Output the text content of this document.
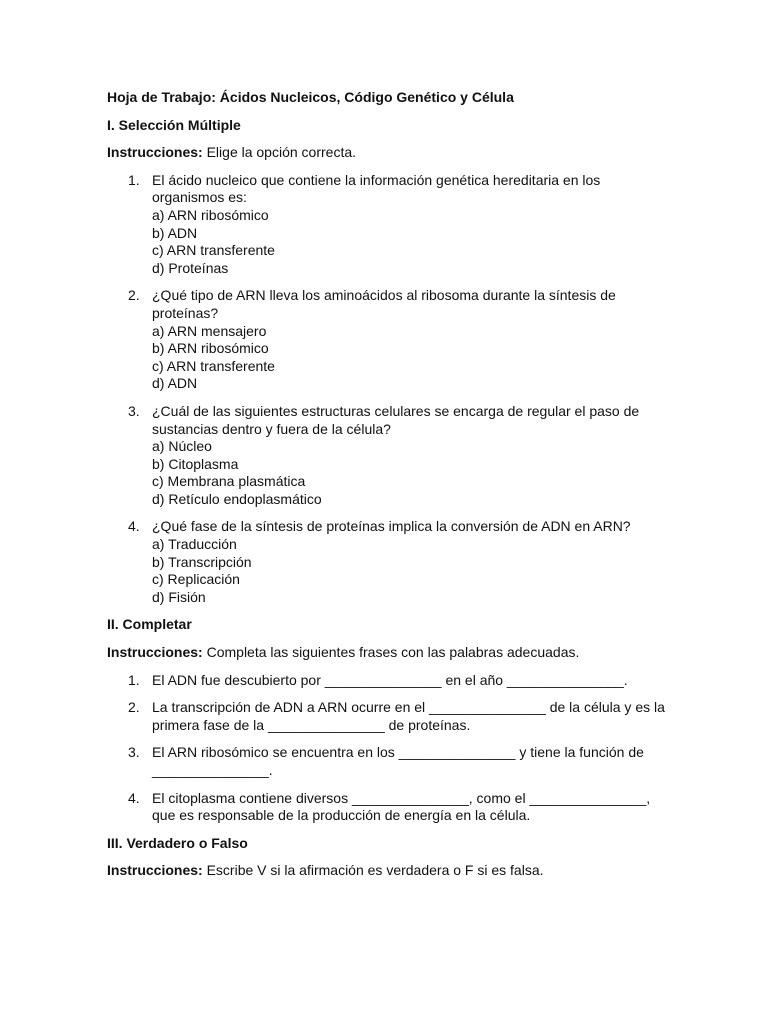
Hoja de Trabajo: Ácidos Nucleicos, Código Genético y Célula
I. Selección Múltiple
Instrucciones: Elige la opción correcta.
1. El ácido nucleico que contiene la información genética hereditaria en los organismos es:
a) ARN ribosómico
b) ADN
c) ARN transferente
d) Proteínas
2. ¿Qué tipo de ARN lleva los aminoácidos al ribosoma durante la síntesis de proteínas?
a) ARN mensajero
b) ARN ribosómico
c) ARN transferente
d) ADN
3. ¿Cuál de las siguientes estructuras celulares se encarga de regular el paso de sustancias dentro y fuera de la célula?
a) Núcleo
b) Citoplasma
c) Membrana plasmática
d) Retículo endoplasmático
4. ¿Qué fase de la síntesis de proteínas implica la conversión de ADN en ARN?
a) Traducción
b) Transcripción
c) Replicación
d) Fisión
II. Completar
Instrucciones: Completa las siguientes frases con las palabras adecuadas.
1. El ADN fue descubierto por _______________ en el año _______________.
2. La transcripción de ADN a ARN ocurre en el _______________ de la célula y es la primera fase de la _______________ de proteínas.
3. El ARN ribosómico se encuentra en los _______________ y tiene la función de _______________.
4. El citoplasma contiene diversos _______________, como el _______________, que es responsable de la producción de energía en la célula.
III. Verdadero o Falso
Instrucciones: Escribe V si la afirmación es verdadera o F si es falsa.
